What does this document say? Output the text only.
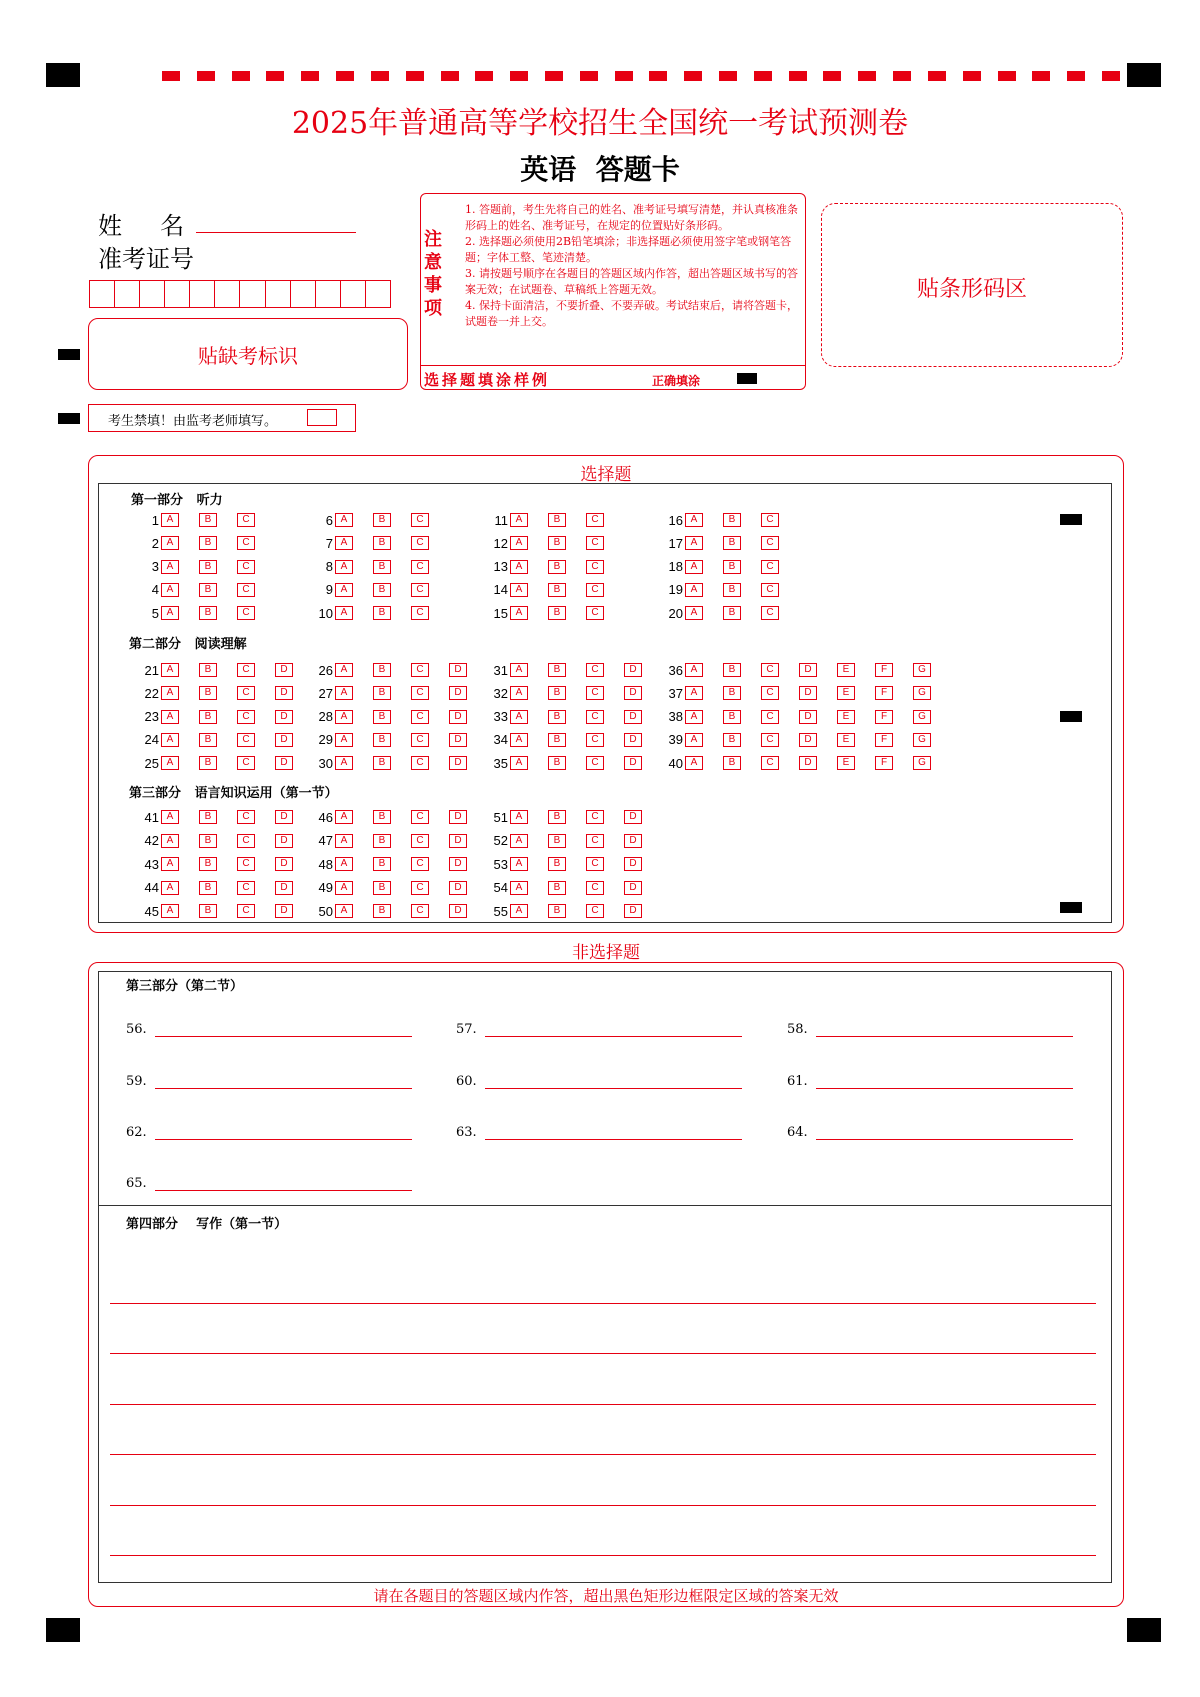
2025年普通高等学校招生全国统一考试预测卷
英语  答题卡
姓     名
准考证号
贴缺考标识
考生禁填！由监考老师填写。
注意事项

1. 答题前，考生先将自己的姓名、准考证号填写清楚，并认真核准条形码上的姓名、准考证号，在规定的位置贴好条形码。

2. 选择题必须使用2B铅笔填涂；非选择题必须使用签字笔或钢笔答题；字体工整、笔迹清楚。

3. 请按题号顺序在各题目的答题区域内作答，超出答题区域书写的答案无效；在试题卷、草稿纸上答题无效。

4. 保持卡面清洁，不要折叠、不要弄破。考试结束后，请将答题卡，试题卷一并上交。

选择题填涂样例	正确填涂
贴条形码区
选择题
第一部分   听力
第二部分   阅读理解
第三部分   语言知识运用（第一节）
1 A	B	C
2 A	B	C
3 A	B	C
4 A	B	C
5 A	B	C
6 A	B	C
7 A	B	C
8 A	B	C
9 A	B	C
10 A	B	C
11 A	B	C
12 A	B	C
13 A	B	C
14 A	B	C
15 A	B	C
16 A	B	C
17 A	B	C
18 A	B	C
19 A	B	C
20 A	B	C
21 A	B	C	D
22 A	B	C	D
23 A	B	C	D
24 A	B	C	D
25 A	B	C	D
26 A	B	C	D
27 A	B	C	D
28 A	B	C	D
29 A	B	C	D
30 A	B	C	D
31 A	B	C	D
32 A	B	C	D
33 A	B	C	D
34 A	B	C	D
35 A	B	C	D
36 A	B	C	D	E	F	G
37 A	B	C	D	E	F	G
38 A	B	C	D	E	F	G
39 A	B	C	D	E	F	G
40 A	B	C	D	E	F	G
41 A	B	C	D
42 A	B	C	D
43 A	B	C	D
44 A	B	C	D
45 A	B	C	D
46 A	B	C	D
47 A	B	C	D
48 A	B	C	D
49 A	B	C	D
50 A	B	C	D
51 A	B	C	D
52 A	B	C	D
53 A	B	C	D
54 A	B	C	D
55 A	B	C	D
非选择题
第三部分（第二节）
56.	57.	58.
59.	60.	61.
62.	63.	64.
65.
第四部分    写作（第一节）
请在各题目的答题区域内作答，超出黑色矩形边框限定区域的答案无效
